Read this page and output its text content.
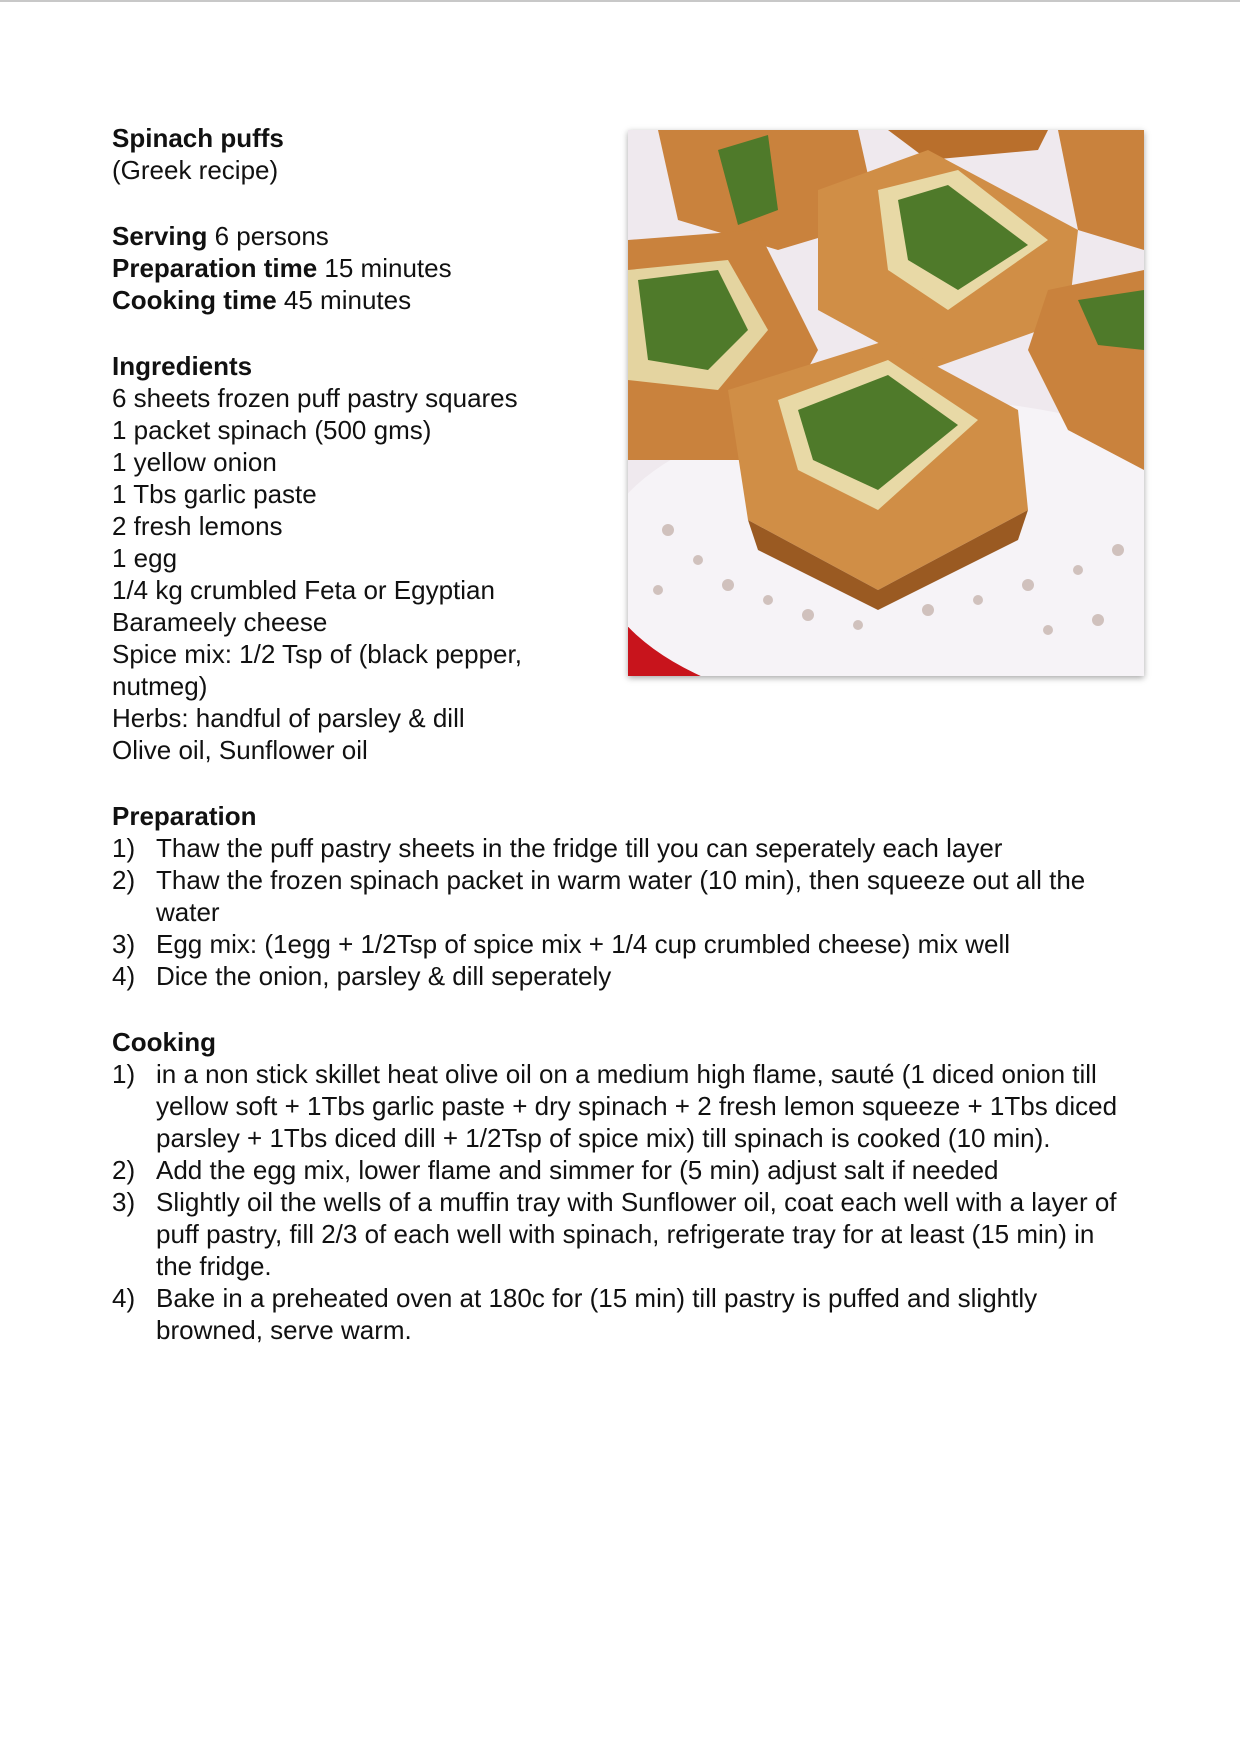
Spinach puffs
(Greek recipe)
Serving 6 persons
Preparation time 15 minutes
Cooking time 45 minutes
Ingredients
6 sheets frozen puff pastry squares
1 packet spinach (500 gms)
1 yellow onion
1 Tbs garlic paste
2 fresh lemons
1 egg
1/4 kg crumbled Feta or Egyptian
Barameely cheese
Spice mix: 1/2 Tsp of (black pepper,
nutmeg)
Herbs: handful of parsley & dill
Olive oil, Sunflower oil
Preparation
1) Thaw the puff pastry sheets in the fridge till you can seperately each layer
2) Thaw the frozen spinach packet in warm water (10 min), then squeeze out all the water
3) Egg mix: (1egg + 1/2Tsp of spice mix + 1/4 cup crumbled cheese) mix well
4) Dice the onion, parsley & dill seperately
Cooking
1) in a non stick skillet heat olive oil on a medium high flame, sauté (1 diced onion till yellow soft + 1Tbs garlic paste + dry spinach + 2 fresh lemon squeeze + 1Tbs diced parsley + 1Tbs diced dill + 1/2Tsp of spice mix) till spinach is cooked (10 min).
2) Add the egg mix, lower flame and simmer for (5 min) adjust salt if needed
3) Slightly oil the wells of a muffin tray with Sunflower oil, coat each well with a layer of puff pastry, fill 2/3 of each well with spinach, refrigerate tray for at least (15 min) in the fridge.
4) Bake in a preheated oven at 180c for (15 min) till pastry is puffed and slightly browned, serve warm.
